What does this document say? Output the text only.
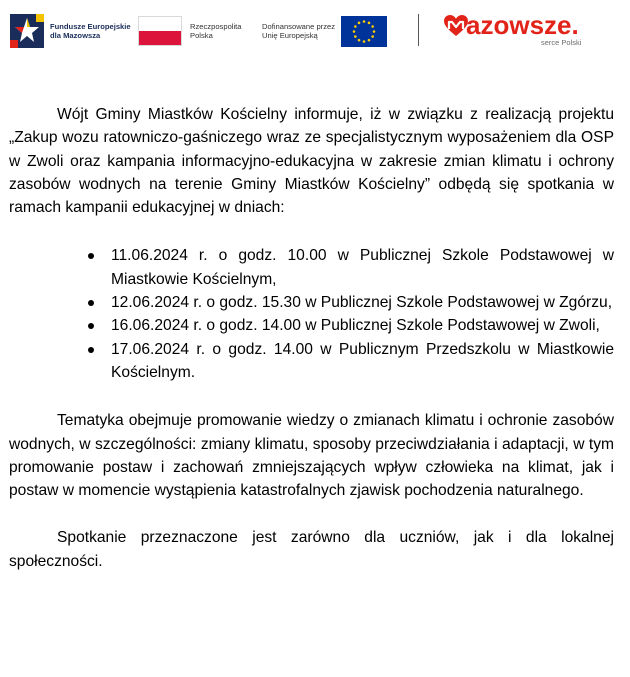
Fundusze Europejskie
dla Mazowsza
Rzeczpospolita
Polska
Dofinansowane przez
Unię Europejską	azowsze.
serce Polski

Wójt Gminy Miastków Kościelny informuje, iż w związku z realizacją projektu „Zakup wozu ratowniczo-gaśniczego wraz ze specjalistycznym wyposażeniem dla OSP w Zwoli oraz kampania informacyjno-edukacyjna w zakresie zmian klimatu i ochrony zasobów wodnych na terenie Gminy Miastków Kościelny” odbędą się spotkania w ramach kampanii edukacyjnej w dniach:

11.06.2024 r. o godz. 10.00 w Publicznej Szkole Podstawowej w Miastkowie Kościelnym,
12.06.2024 r. o godz. 15.30 w Publicznej Szkole Podstawowej w Zgórzu,
16.06.2024 r. o godz. 14.00 w Publicznej Szkole Podstawowej w Zwoli,
17.06.2024 r. o godz. 14.00 w Publicznym Przedszkolu w Miastkowie Kościelnym.

Tematyka obejmuje promowanie wiedzy o zmianach klimatu i ochronie zasobów wodnych, w szczególności: zmiany klimatu, sposoby przeciwdziałania i adaptacji, w tym promowanie postaw i zachowań zmniejszających wpływ człowieka na klimat, jak i postaw w momencie wystąpienia katastrofalnych zjawisk pochodzenia naturalnego.

Spotkanie przeznaczone jest zarówno dla uczniów, jak i dla lokalnej społeczności.
